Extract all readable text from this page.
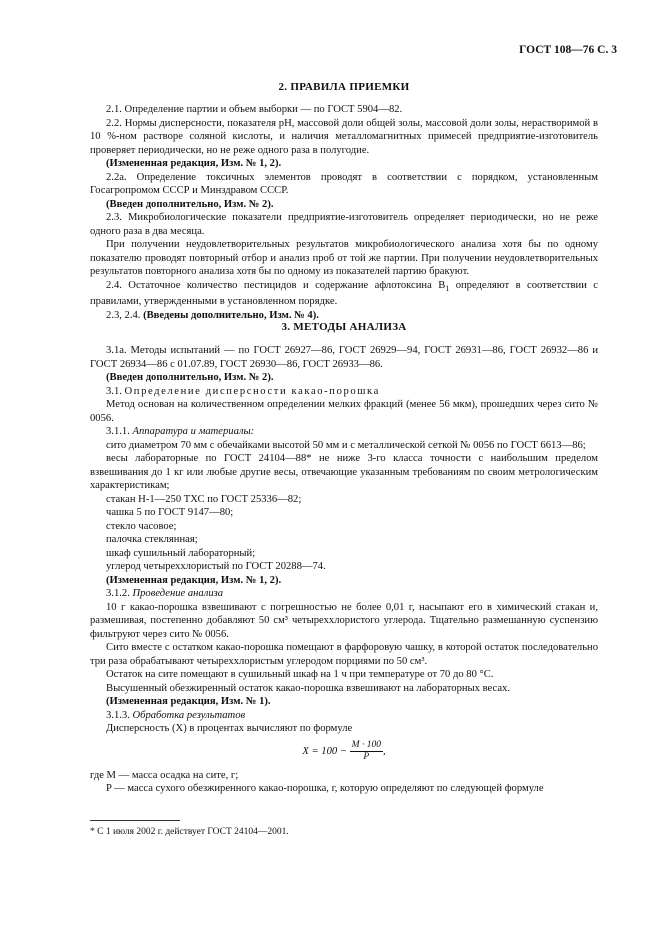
ГОСТ 108—76 С. 3
2. ПРАВИЛА ПРИЕМКИ

2.1. Определение партии и объем выборки — по ГОСТ 5904—82.

2.2. Нормы дисперсности, показателя pH, массовой доли общей золы, массовой доли золы, нерастворимой в 10 %-ном растворе соляной кислоты, и наличия металломагнитных примесей предприятие-изготовитель проверяет периодически, но не реже одного раза в полугодие.

(Измененная редакция, Изм. № 1, 2).

2.2а. Определение токсичных элементов проводят в соответствии с порядком, установленным Госагропромом СССР и Минздравом СССР.

(Введен дополнительно, Изм. № 2).

2.3. Микробиологические показатели предприятие-изготовитель определяет периодически, но не реже одного раза в два месяца.

При получении неудовлетворительных результатов микробиологического анализа хотя бы по одному показателю проводят повторный отбор и анализ проб от той же партии. При получении неудовлетворительных результатов повторного анализа хотя бы по одному из показателей партию бракуют.

2.4. Остаточное количество пестицидов и содержание афлотоксина $B_1$ определяют в соответствии с правилами, утвержденными в установленном порядке.

2.3, 2.4. (Введены дополнительно, Изм. № 4).

3. МЕТОДЫ АНАЛИЗА

3.1а. Методы испытаний — по ГОСТ 26927—86, ГОСТ 26929—94, ГОСТ 26931—86, ГОСТ 26932—86 и ГОСТ 26934—86 с 01.07.89, ГОСТ 26930—86, ГОСТ 26933—86.

(Введен дополнительно, Изм. № 2).

3.1. Определение дисперсности какао-порошка

Метод основан на количественном определении мелких фракций (менее 56 мкм), прошедших через сито № 0056.

3.1.1. Аппаратура и материалы:

сито диаметром 70 мм с обечайками высотой 50 мм и с металлической сеткой № 0056 по ГОСТ 6613—86;

весы лабораторные по ГОСТ 24104—88* не ниже 3-го класса точности с наибольшим пределом взвешивания до 1 кг или любые другие весы, отвечающие указанным требованиям по своим метрологическим характеристикам;

стакан Н-1—250 ТХС по ГОСТ 25336—82;

чашка 5 по ГОСТ 9147—80;

стекло часовое;

палочка стеклянная;

шкаф сушильный лабораторный;

углерод четыреххлористый по ГОСТ 20288—74.

(Измененная редакция, Изм. № 1, 2).

3.1.2. Проведение анализа

10 г какао-порошка взвешивают с погрешностью не более 0,01 г, насыпают его в химический стакан и, размешивая, постепенно добавляют 50 см³ четыреххлористого углерода. Тщательно размешанную суспензию фильтруют через сито № 0056.

Сито вместе с остатком какао-порошка помещают в фарфоровую чашку, в которой остаток последовательно три раза обрабатывают четыреххлористым углеродом порциями по 50 см³.

Остаток на сите помещают в сушильный шкаф на 1 ч при температуре от 70 до 80 °С.

Высушенный обезжиренный остаток какао-порошка взвешивают на лабораторных весах.

(Измененная редакция, Изм. № 1).

3.1.3. Обработка результатов

Дисперсность (X) в процентах вычисляют по формуле

$X = 100 - \frac{M \cdot 100}{P}$,

где M — масса осадка на сите, г;

P — масса сухого обезжиренного какао-порошка, г, которую определяют по следующей формуле

* С 1 июля 2002 г. действует ГОСТ 24104—2001.
